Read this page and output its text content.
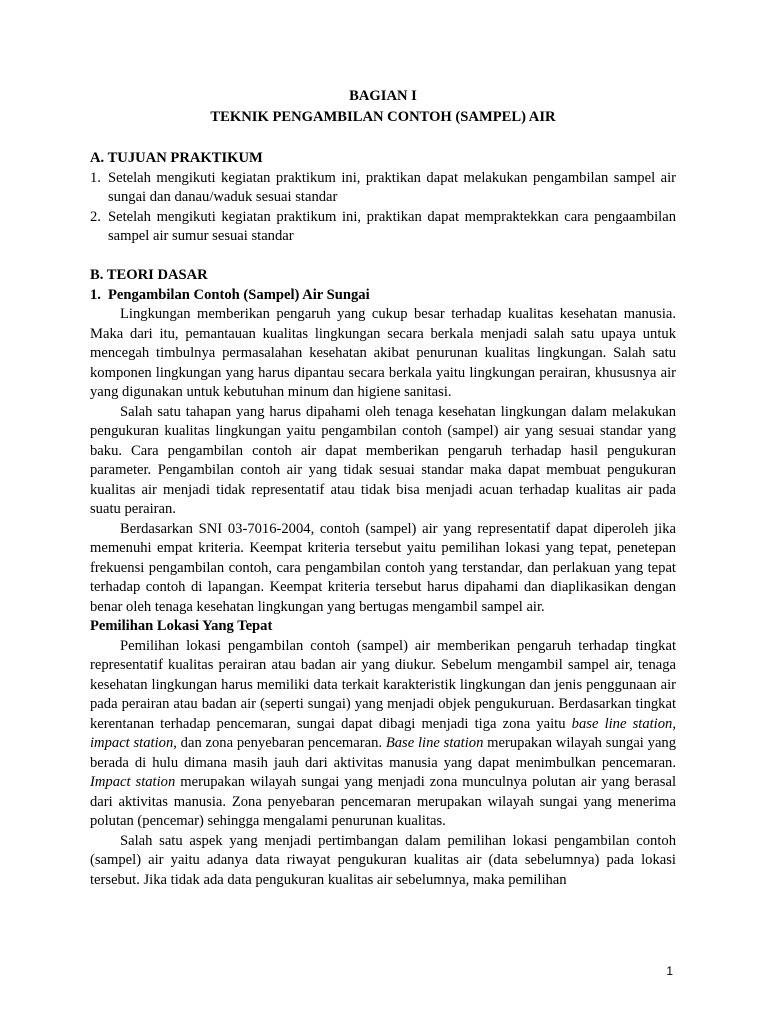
BAGIAN I

TEKNIK PENGAMBILAN CONTOH (SAMPEL) AIR

A. TUJUAN PRAKTIKUM

1. Setelah mengikuti kegiatan praktikum ini, praktikan dapat melakukan pengambilan sampel air sungai dan danau/waduk sesuai standar
2. Setelah mengikuti kegiatan praktikum ini, praktikan dapat mempraktekkan cara pengaambilan sampel air sumur sesuai standar

B. TEORI DASAR

1. Pengambilan Contoh (Sampel) Air Sungai

Lingkungan memberikan pengaruh yang cukup besar terhadap kualitas kesehatan manusia. Maka dari itu, pemantauan kualitas lingkungan secara berkala menjadi salah satu upaya untuk mencegah timbulnya permasalahan kesehatan akibat penurunan kualitas lingkungan. Salah satu komponen lingkungan yang harus dipantau secara berkala yaitu lingkungan perairan, khususnya air yang digunakan untuk kebutuhan minum dan higiene sanitasi.

Salah satu tahapan yang harus dipahami oleh tenaga kesehatan lingkungan dalam melakukan pengukuran kualitas lingkungan yaitu pengambilan contoh (sampel) air yang sesuai standar yang baku. Cara pengambilan contoh air dapat memberikan pengaruh terhadap hasil pengukuran parameter. Pengambilan contoh air yang tidak sesuai standar maka dapat membuat pengukuran kualitas air menjadi tidak representatif atau tidak bisa menjadi acuan terhadap kualitas air pada suatu perairan.

Berdasarkan SNI 03-7016-2004, contoh (sampel) air yang representatif dapat diperoleh jika memenuhi empat kriteria. Keempat kriteria tersebut yaitu pemilihan lokasi yang tepat, penetepan frekuensi pengambilan contoh, cara pengambilan contoh yang terstandar, dan perlakuan yang tepat terhadap contoh di lapangan. Keempat kriteria tersebut harus dipahami dan diaplikasikan dengan benar oleh tenaga kesehatan lingkungan yang bertugas mengambil sampel air.

Pemilihan Lokasi Yang Tepat

Pemilihan lokasi pengambilan contoh (sampel) air memberikan pengaruh terhadap tingkat representatif kualitas perairan atau badan air yang diukur. Sebelum mengambil sampel air, tenaga kesehatan lingkungan harus memiliki data terkait karakteristik lingkungan dan jenis penggunaan air pada perairan atau badan air (seperti sungai) yang menjadi objek pengukuruan. Berdasarkan tingkat kerentanan terhadap pencemaran, sungai dapat dibagi menjadi tiga zona yaitu base line station, impact station, dan zona penyebaran pencemaran. Base line station merupakan wilayah sungai yang berada di hulu dimana masih jauh dari aktivitas manusia yang dapat menimbulkan pencemaran. Impact station merupakan wilayah sungai yang menjadi zona munculnya polutan air yang berasal dari aktivitas manusia. Zona penyebaran pencemaran merupakan wilayah sungai yang menerima polutan (pencemar) sehingga mengalami penurunan kualitas.

Salah satu aspek yang menjadi pertimbangan dalam pemilihan lokasi pengambilan contoh (sampel) air yaitu adanya data riwayat pengukuran kualitas air (data sebelumnya) pada lokasi tersebut. Jika tidak ada data pengukuran kualitas air sebelumnya, maka pemilihan

1
